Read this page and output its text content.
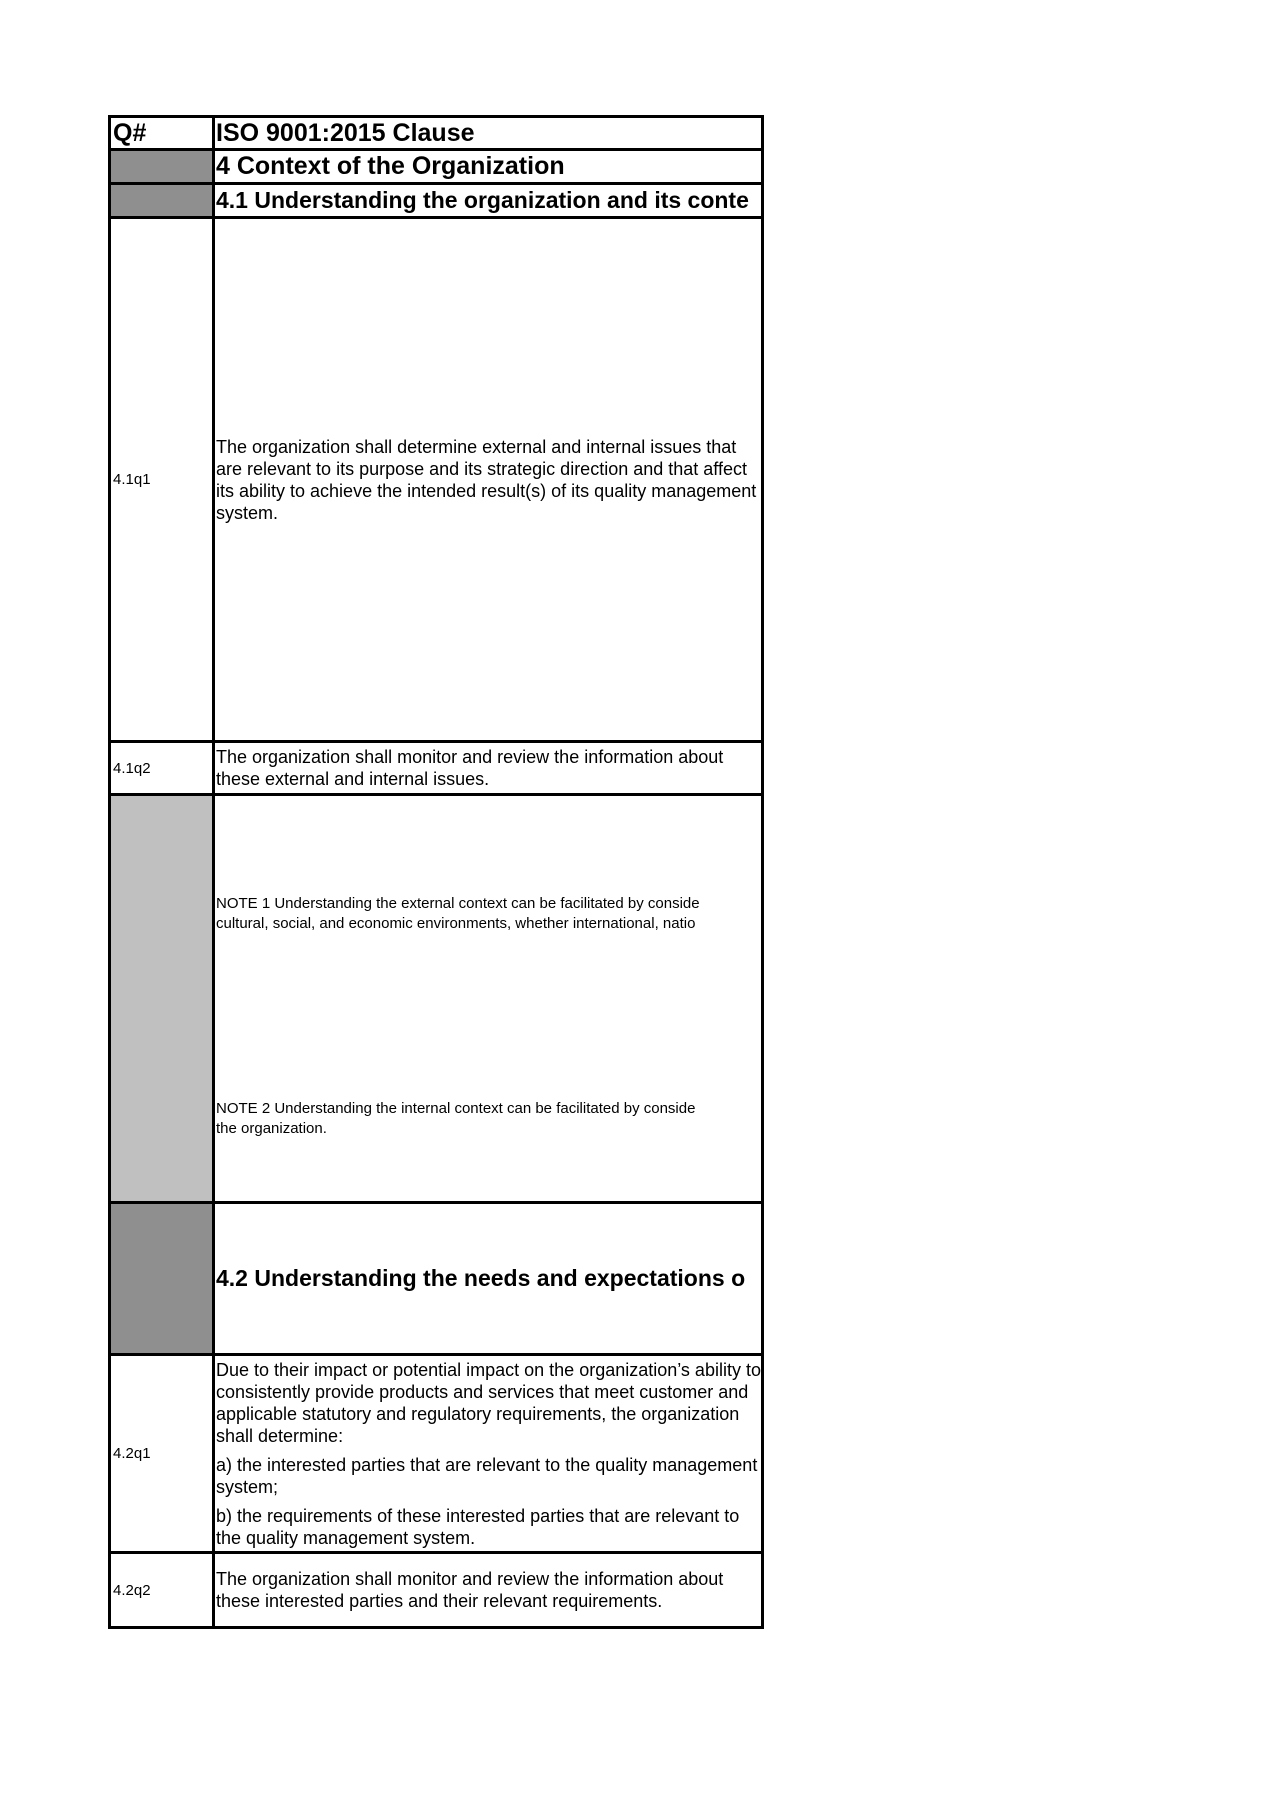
Q#	ISO 9001:2015 Clause
4 Context of the Organization
4.1 Understanding the organization and its conte
4.1q1
The organization shall determine external and internal issues that are relevant to its purpose and its strategic direction and that affect its ability to achieve the intended result(s) of its quality management system.
4.1q2
The organization shall monitor and review the information about these external and internal issues.
NOTE 1 Understanding the external context can be facilitated by conside
cultural, social, and economic environments, whether international, natio
NOTE 2 Understanding the internal context can be facilitated by conside
the organization.
4.2 Understanding the needs and expectations o
4.2q1
Due to their impact or potential impact on the organization’s ability to consistently provide products and services that meet customer and applicable statutory and regulatory requirements, the organization shall determine:
a) the interested parties that are relevant to the quality management system;
b) the requirements of these interested parties that are relevant to the quality management system.
4.2q2
The organization shall monitor and review the information about these interested parties and their relevant requirements.
